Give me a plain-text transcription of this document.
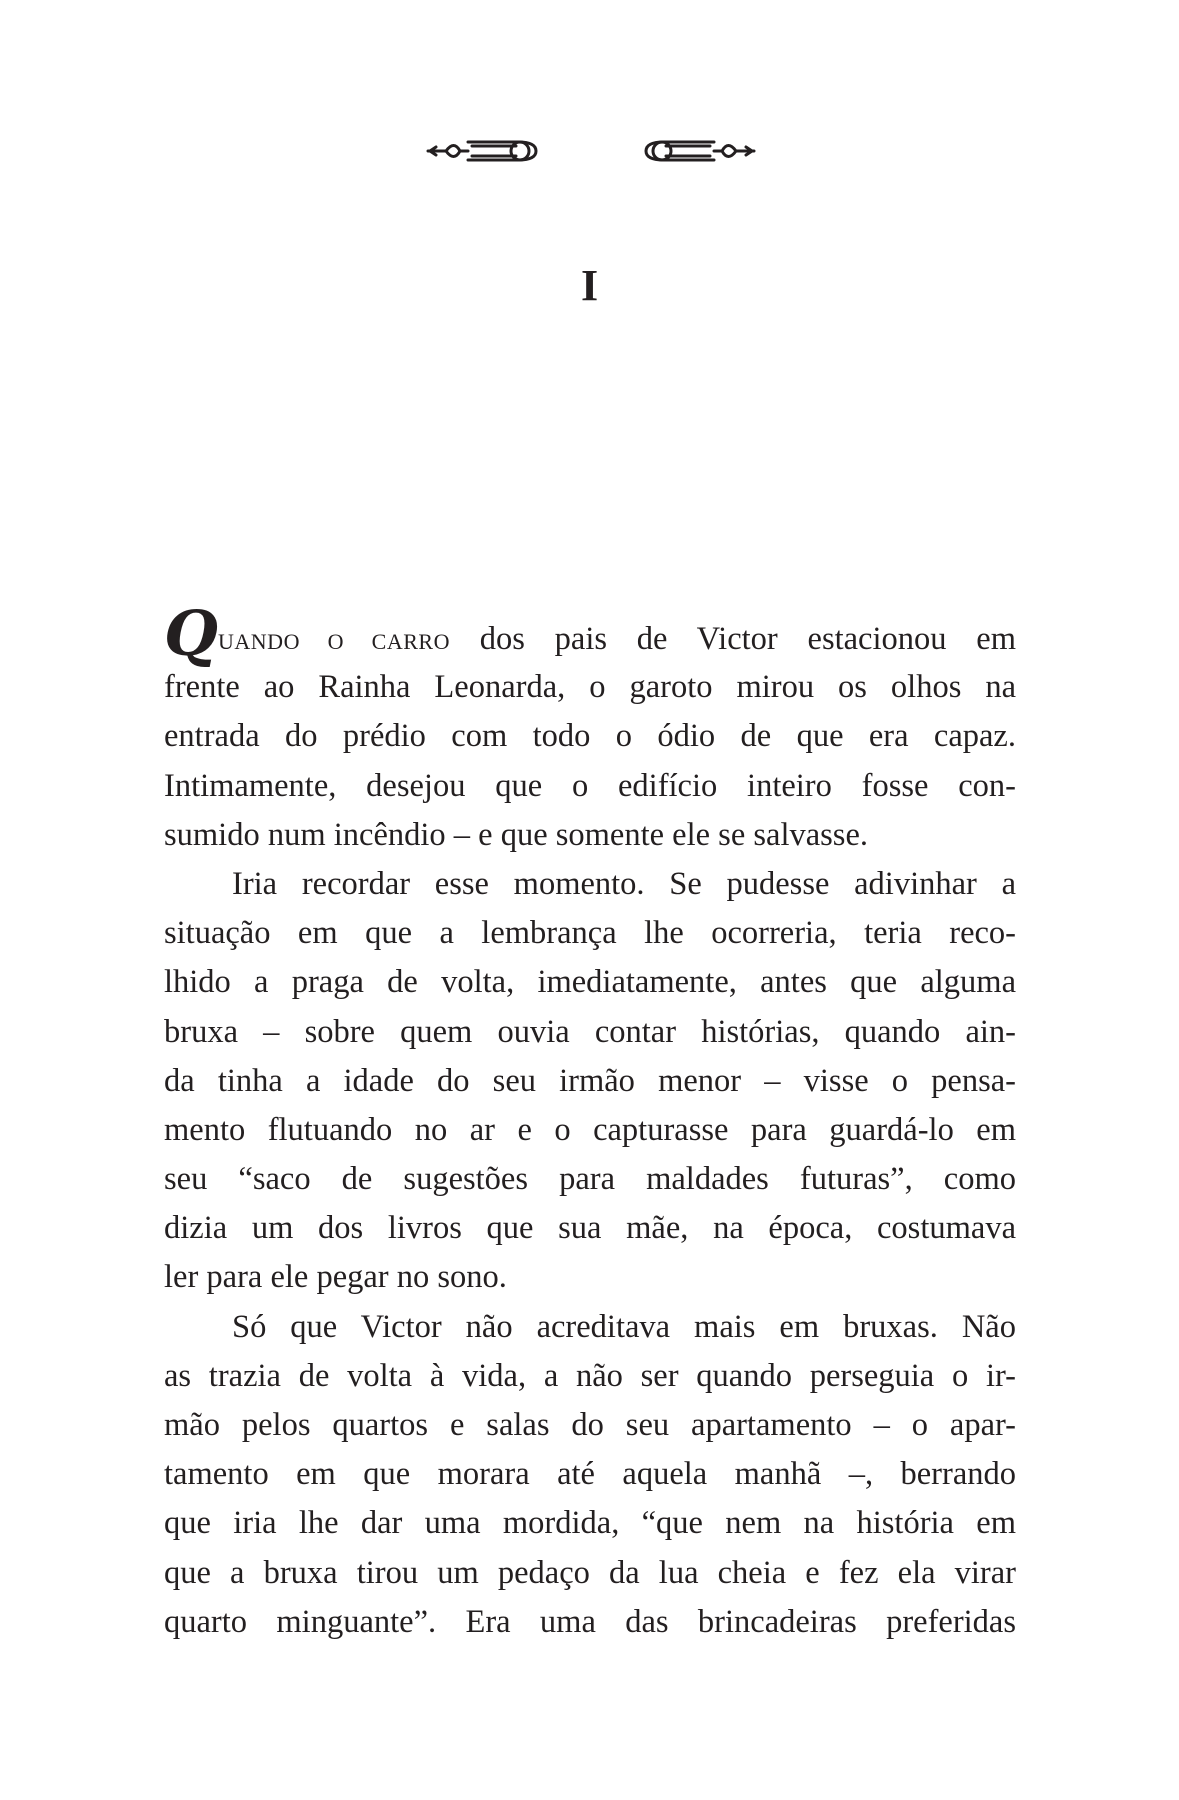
I
QUANDO O CARRO dos pais de Victor estacionou em
frente ao Rainha Leonarda, o garoto mirou os olhos na
entrada do prédio com todo o ódio de que era capaz.
Intimamente, desejou que o edifício inteiro fosse con-
sumido num incêndio – e que somente ele se salvasse.
Iria recordar esse momento. Se pudesse adivinhar a
situação em que a lembrança lhe ocorreria, teria reco-
lhido a praga de volta, imediatamente, antes que alguma
bruxa – sobre quem ouvia contar histórias, quando ain-
da tinha a idade do seu irmão menor – visse o pensa-
mento flutuando no ar e o capturasse para guardá-lo em
seu “saco de sugestões para maldades futuras”, como
dizia um dos livros que sua mãe, na época, costumava
ler para ele pegar no sono.
Só que Victor não acreditava mais em bruxas. Não
as trazia de volta à vida, a não ser quando perseguia o ir-
mão pelos quartos e salas do seu apartamento – o apar-
tamento em que morara até aquela manhã –, berrando
que iria lhe dar uma mordida, “que nem na história em
que a bruxa tirou um pedaço da lua cheia e fez ela virar
quarto minguante”. Era uma das brincadeiras preferidas
